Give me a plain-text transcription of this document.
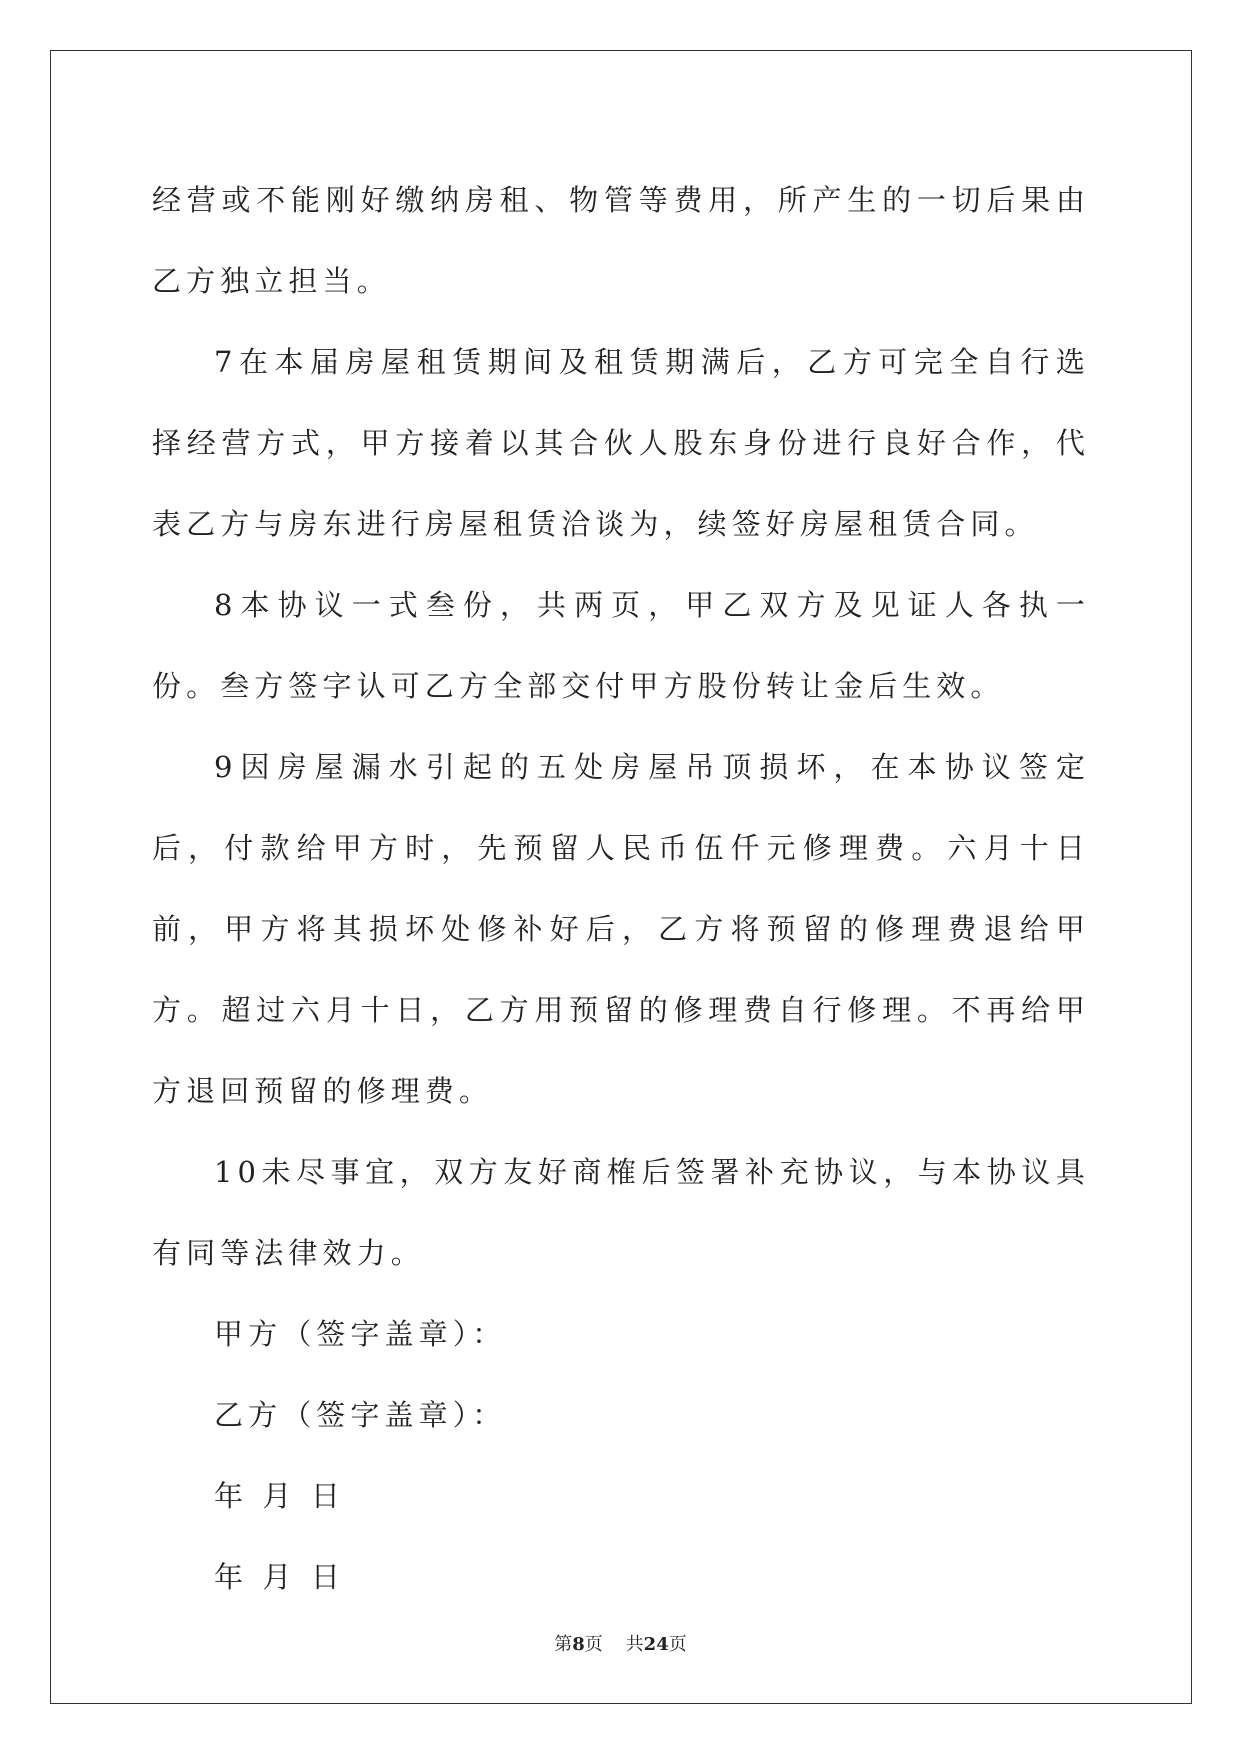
经营或不能刚好缴纳房租、物管等费用，所产生的一切后果由乙方独立担当。

7在本届房屋租赁期间及租赁期满后，乙方可完全自行选择经营方式，甲方接着以其合伙人股东身份进行良好合作，代表乙方与房东进行房屋租赁洽谈为，续签好房屋租赁合同。

8本协议一式叁份，共两页，甲乙双方及见证人各执一份。叁方签字认可乙方全部交付甲方股份转让金后生效。

9因房屋漏水引起的五处房屋吊顶损坏，在本协议签定后，付款给甲方时，先预留人民币伍仟元修理费。六月十日前，甲方将其损坏处修补好后，乙方将预留的修理费退给甲方。超过六月十日，乙方用预留的修理费自行修理。不再给甲方退回预留的修理费。

10未尽事宜，双方友好商榷后签署补充协议，与本协议具有同等法律效力。

甲方（签字盖章）：

乙方（签字盖章）：

年 月 日

年 月 日

第8页 共24页
